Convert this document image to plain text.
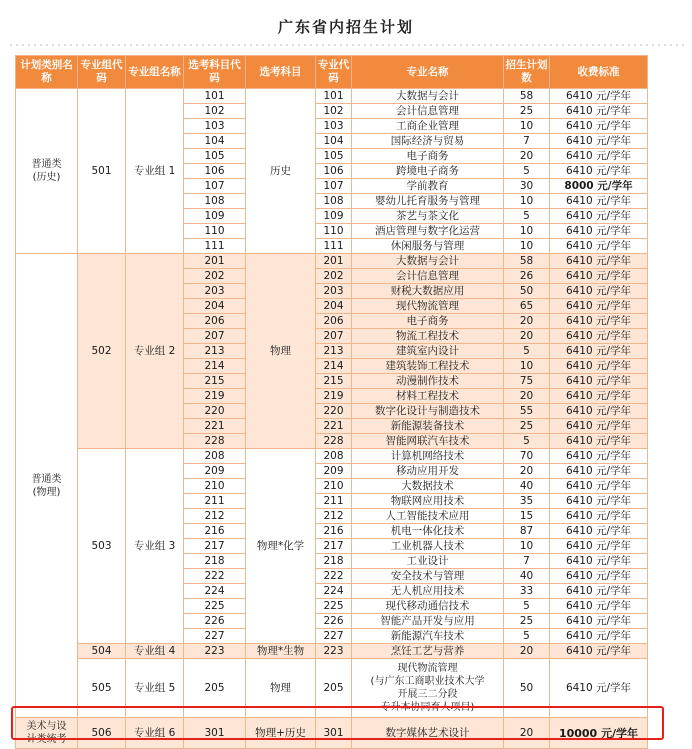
广东省内招生计划
计划类别名称	专业组代码	专业组名称	选考科目代码	选考科目	专业代码	专业名称	招生计划数	收费标准
普通类
(历史)	501	专业组 1	101	历史	101	大数据与会计	58	6410 元/学年
			102		102	会计信息管理	25	6410 元/学年
			103		103	工商企业管理	10	6410 元/学年
			104		104	国际经济与贸易	7	6410 元/学年
			105		105	电子商务	20	6410 元/学年
			106		106	跨境电子商务	5	6410 元/学年
			107		107	学前教育	30	8000 元/学年
			108		108	婴幼儿托育服务与管理	10	6410 元/学年
			109		109	茶艺与茶文化	5	6410 元/学年
			110		110	酒店管理与数字化运营	10	6410 元/学年
			111		111	休闲服务与管理	10	6410 元/学年
普通类
(物理)	502	专业组 2	201	物理	201	大数据与会计	58	6410 元/学年
			202		202	会计信息管理	26	6410 元/学年
			203		203	财税大数据应用	50	6410 元/学年
			204		204	现代物流管理	65	6410 元/学年
			206		206	电子商务	20	6410 元/学年
			207		207	物流工程技术	20	6410 元/学年
			213		213	建筑室内设计	5	6410 元/学年
			214		214	建筑装饰工程技术	10	6410 元/学年
			215		215	动漫制作技术	75	6410 元/学年
			219		219	材料工程技术	20	6410 元/学年
			220		220	数字化设计与制造技术	55	6410 元/学年
			221		221	新能源装备技术	25	6410 元/学年
			228		228	智能网联汽车技术	5	6410 元/学年
	503	专业组 3	208	物理*化学	208	计算机网络技术	70	6410 元/学年
			209		209	移动应用开发	20	6410 元/学年
			210		210	大数据技术	40	6410 元/学年
			211		211	物联网应用技术	35	6410 元/学年
			212		212	人工智能技术应用	15	6410 元/学年
			216		216	机电一体化技术	87	6410 元/学年
			217		217	工业机器人技术	10	6410 元/学年
			218		218	工业设计	7	6410 元/学年
			222		222	安全技术与管理	40	6410 元/学年
			224		224	无人机应用技术	33	6410 元/学年
			225		225	现代移动通信技术	5	6410 元/学年
			226		226	智能产品开发与应用	25	6410 元/学年
			227		227	新能源汽车技术	5	6410 元/学年
	504	专业组 4	223	物理*生物	223	烹饪工艺与营养	20	6410 元/学年
	505	专业组 5	205	物理	205	现代物流管理
(与广东工商职业技术大学
开展三二分段
专升本协同育人项目)	50	6410 元/学年
美术与设
计类统考	506	专业组 6	301	物理+历史	301	数字媒体艺术设计	20	10000 元/学年
